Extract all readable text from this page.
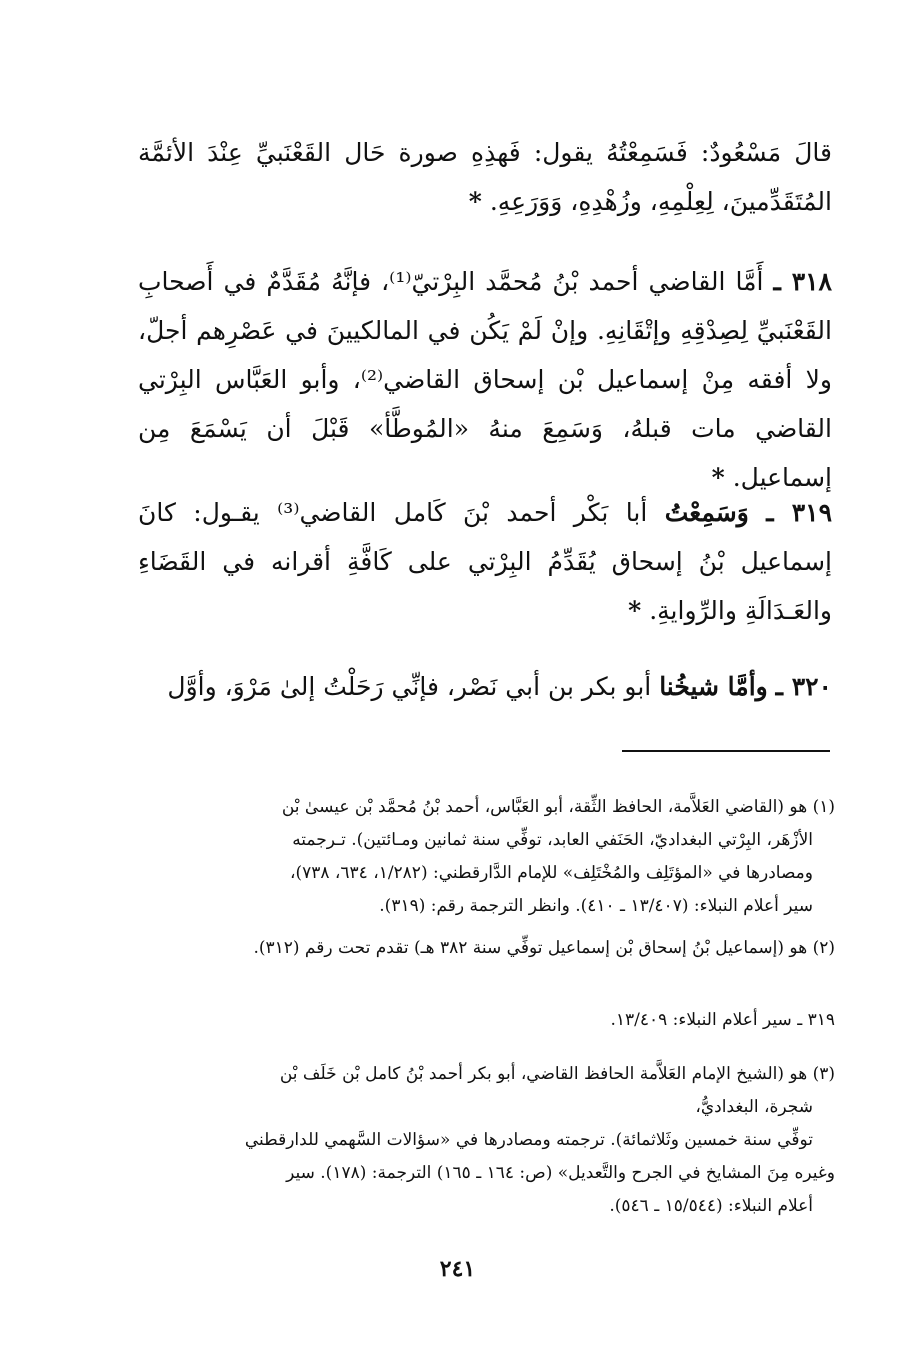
قالَ مَسْعُودٌ: فَسَمِعْتُهُ يقول: فَهذِهِ صورة حَال القَعْنَبيِّ عِنْدَ الأئمَّة المُتَقَدِّمينَ، لِعِلْمِهِ، وزُهْدِهِ، وَوَرَعِهِ. *

٣١٨ ـ أَمَّا القاضي أحمد بْنُ مُحمَّد البِرْتيّ⁽¹⁾، فإنَّهُ مُقَدَّمٌ في أَصحابِ القَعْنَبيِّ لِصِدْقِهِ وإتْقَانِهِ. وإنْ لَمْ يَكُن في المالكيينَ في عَصْرِهم أجلّ، ولا أفقه مِنْ إسماعيل بْن إسحاق القاضي⁽²⁾، وأبو العَبَّاس البِرْتي القاضي مات قبلهُ، وَسَمِعَ منهُ «المُوطَّأ» قَبْلَ أن يَسْمَعَ مِن إسماعيل. *

٣١٩ ـ وَسَمِعْتُ أبا بَكْر أحمد بْنَ كَامل القاضي⁽³⁾ يقـول: كانَ إسماعيل بْنُ إسحاق يُقَدِّمُ البِرْتي على كَافَّةِ أقرانه في القَضَاءِ والعَـدَالَةِ والرِّوايةِ. *

٣٢٠ ـ وأمَّا شيخُنا أبو بكر بن أبي نَصْر، فإنِّي رَحَلْتُ إلىٰ مَرْوَ، وأوَّل

(١) هو (القاضي العَلاَّمة، الحافظ الثِّقة، أبو العَبَّاس، أحمد بْنُ مُحمَّد بْن عيسىٰ بْن
الأزْهَر، البِرْتي البغداديّ، الحَنَفي العابد، توفِّي سنة ثمانين ومـائتين). تـرجمته
ومصادرها في «المؤتَلِف والمُخْتَلِف» للإمام الدَّارقطني: (١/٢٨٢، ٦٣٤، ٧٣٨)،
سير أعلام النبلاء: (١٣/٤٠٧ ـ ٤١٠). وانظر الترجمة رقم: (٣١٩).
(٢) هو (إسماعيل بْنُ إسحاق بْن إسماعيل توفِّي سنة ٣٨٢ هـ) تقدم تحت رقم (٣١٢).
٣١٩ ـ سير أعلام النبلاء: ١٣/٤٠٩.
(٣) هو (الشيخ الإمام العَلاَّمة الحافظ القاضي، أبو بكر أحمد بْنُ كامل بْن خَلَف بْن
شجرة، البغداديُّ،
توفِّي سنة خمسين وثَلاثمائة). ترجمته ومصادرها في «سؤالات السَّهمي للدارقطني
وغيره مِنَ المشايخ في الجرح والتَّعديل» (ص: ١٦٤ ـ ١٦٥) الترجمة: (١٧٨). سير
أعلام النبلاء: (١٥/٥٤٤ ـ ٥٤٦).
٢٤١
